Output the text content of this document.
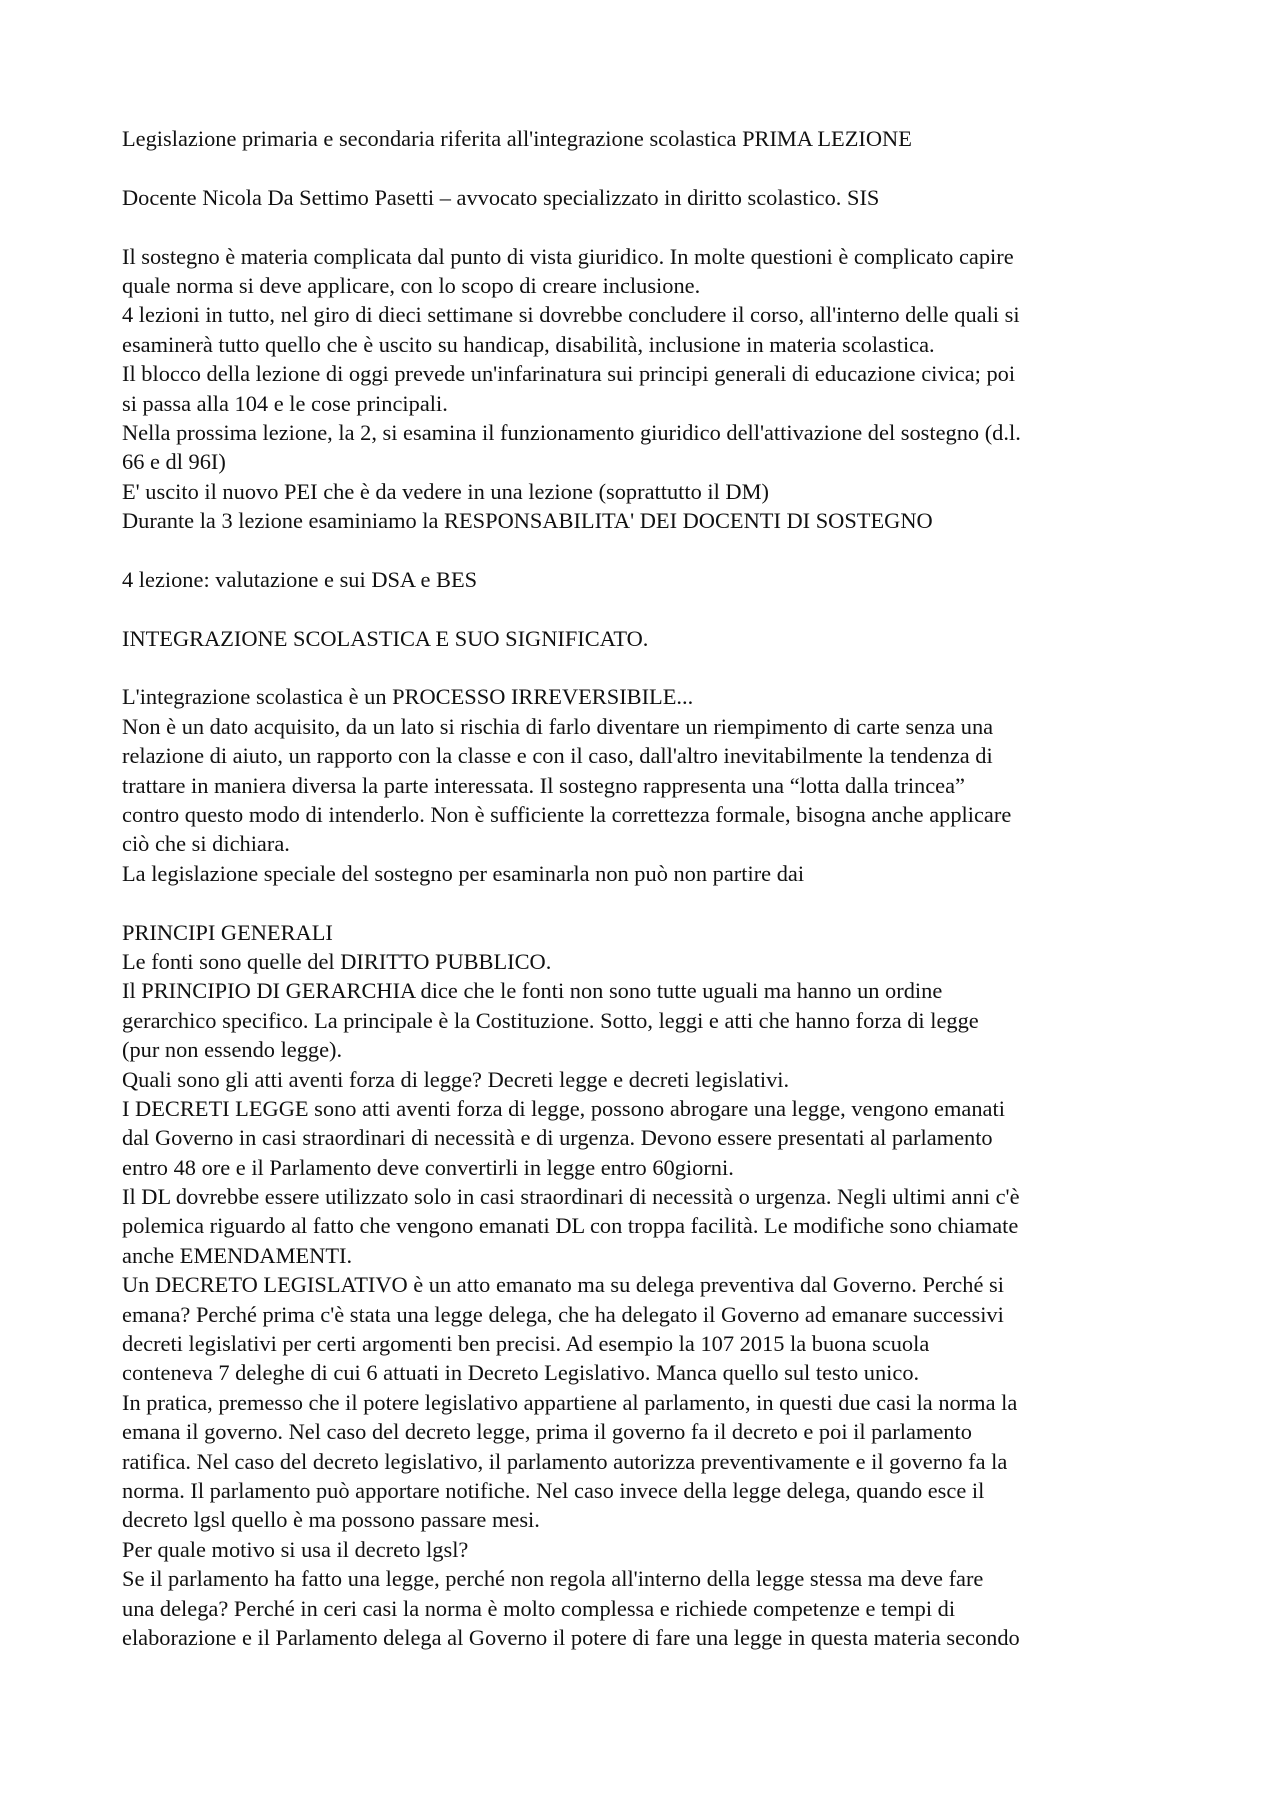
Legislazione primaria e secondaria riferita all'integrazione scolastica PRIMA LEZIONE
Docente Nicola Da Settimo Pasetti – avvocato specializzato in diritto scolastico. SIS
Il sostegno è materia complicata dal punto di vista giuridico. In molte questioni è complicato capire
quale norma si deve applicare, con lo scopo di creare inclusione.
4 lezioni in tutto, nel giro di dieci settimane si dovrebbe concludere il corso, all'interno delle quali si
esaminerà tutto quello che è uscito su handicap, disabilità, inclusione in materia scolastica.
Il blocco della lezione di oggi prevede un'infarinatura sui principi generali di educazione civica; poi
si passa alla 104 e le cose principali.
Nella prossima lezione, la 2, si esamina il funzionamento giuridico dell'attivazione del sostegno (d.l.
66 e dl 96I)
E' uscito il nuovo PEI che è da vedere in una lezione (soprattutto il DM)
Durante la 3 lezione esaminiamo la RESPONSABILITA' DEI DOCENTI DI SOSTEGNO
4 lezione: valutazione e sui DSA e BES
INTEGRAZIONE SCOLASTICA E SUO SIGNIFICATO.
L'integrazione scolastica è un PROCESSO IRREVERSIBILE...
Non è un dato acquisito, da un lato si rischia di farlo diventare un riempimento di carte senza una
relazione di aiuto, un rapporto con la classe e con il caso, dall'altro inevitabilmente la tendenza di
trattare in maniera diversa la parte interessata. Il sostegno rappresenta una “lotta dalla trincea”
contro questo modo di intenderlo. Non è sufficiente la correttezza formale, bisogna anche applicare
ciò che si dichiara.
La legislazione speciale del sostegno per esaminarla non può non partire dai
PRINCIPI GENERALI
Le fonti sono quelle del DIRITTO PUBBLICO.
Il PRINCIPIO DI GERARCHIA dice che le fonti non sono tutte uguali ma hanno un ordine
gerarchico specifico. La principale è la Costituzione. Sotto, leggi e atti che hanno forza di legge
(pur non essendo legge).
Quali sono gli atti aventi forza di legge? Decreti legge e decreti legislativi.
I DECRETI LEGGE sono atti aventi forza di legge, possono abrogare una legge, vengono emanati
dal Governo in casi straordinari di necessità e di urgenza. Devono essere presentati al parlamento
entro 48 ore e il Parlamento deve convertirli in legge entro 60giorni.
Il DL dovrebbe essere utilizzato solo in casi straordinari di necessità o urgenza. Negli ultimi anni c'è
polemica riguardo al fatto che vengono emanati DL con troppa facilità. Le modifiche sono chiamate
anche EMENDAMENTI.
Un DECRETO LEGISLATIVO è un atto emanato ma su delega preventiva dal Governo. Perché si
emana? Perché prima c'è stata una legge delega, che ha delegato il Governo ad emanare successivi
decreti legislativi per certi argomenti ben precisi. Ad esempio la 107 2015 la buona scuola
conteneva 7 deleghe di cui 6 attuati in Decreto Legislativo. Manca quello sul testo unico.
In pratica, premesso che il potere legislativo appartiene al parlamento, in questi due casi la norma la
emana il governo. Nel caso del decreto legge, prima il governo fa il decreto e poi il parlamento
ratifica. Nel caso del decreto legislativo, il parlamento autorizza preventivamente e il governo fa la
norma. Il parlamento può apportare notifiche. Nel caso invece della legge delega, quando esce il
decreto lgsl quello è ma possono passare mesi.
Per quale motivo si usa il decreto lgsl?
Se il parlamento ha fatto una legge, perché non regola all'interno della legge stessa ma deve fare
una delega? Perché in ceri casi la norma è molto complessa e richiede competenze e tempi di
elaborazione e il Parlamento delega al Governo il potere di fare una legge in questa materia secondo
